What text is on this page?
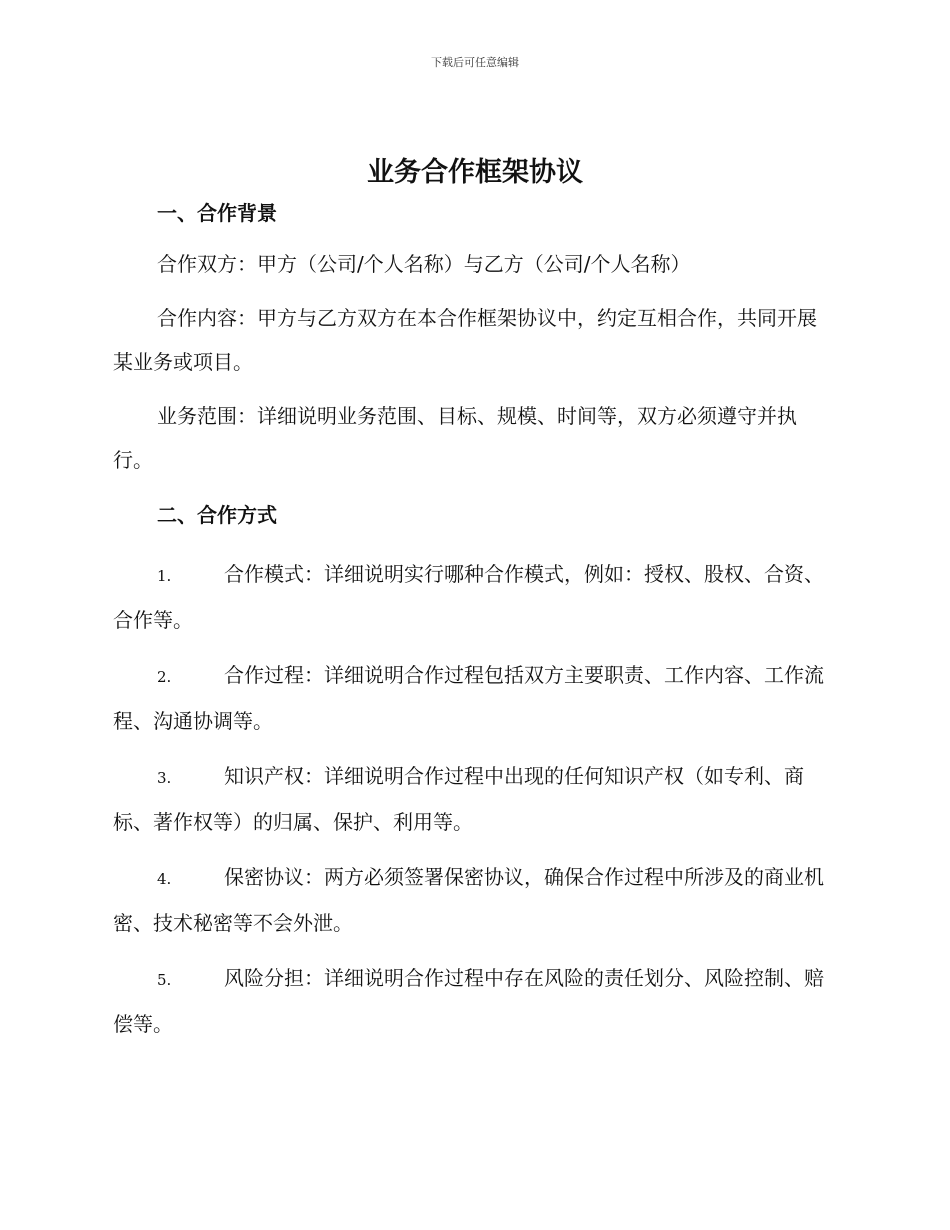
下载后可任意编辑
业务合作框架协议

一、合作背景

合作双方：甲方（公司/个人名称）与乙方（公司/个人名称）

合作内容：甲方与乙方双方在本合作框架协议中，约定互相合作，共同开展某业务或项目。

业务范围：详细说明业务范围、目标、规模、时间等，双方必须遵守并执行。

二、合作方式

1.	合作模式：详细说明实行哪种合作模式，例如：授权、股权、合资、合作等。

2.	合作过程：详细说明合作过程包括双方主要职责、工作内容、工作流程、沟通协调等。

3.	知识产权：详细说明合作过程中出现的任何知识产权（如专利、商标、著作权等）的归属、保护、利用等。

4.	保密协议：两方必须签署保密协议，确保合作过程中所涉及的商业机密、技术秘密等不会外泄。

5.	风险分担：详细说明合作过程中存在风险的责任划分、风险控制、赔偿等。
